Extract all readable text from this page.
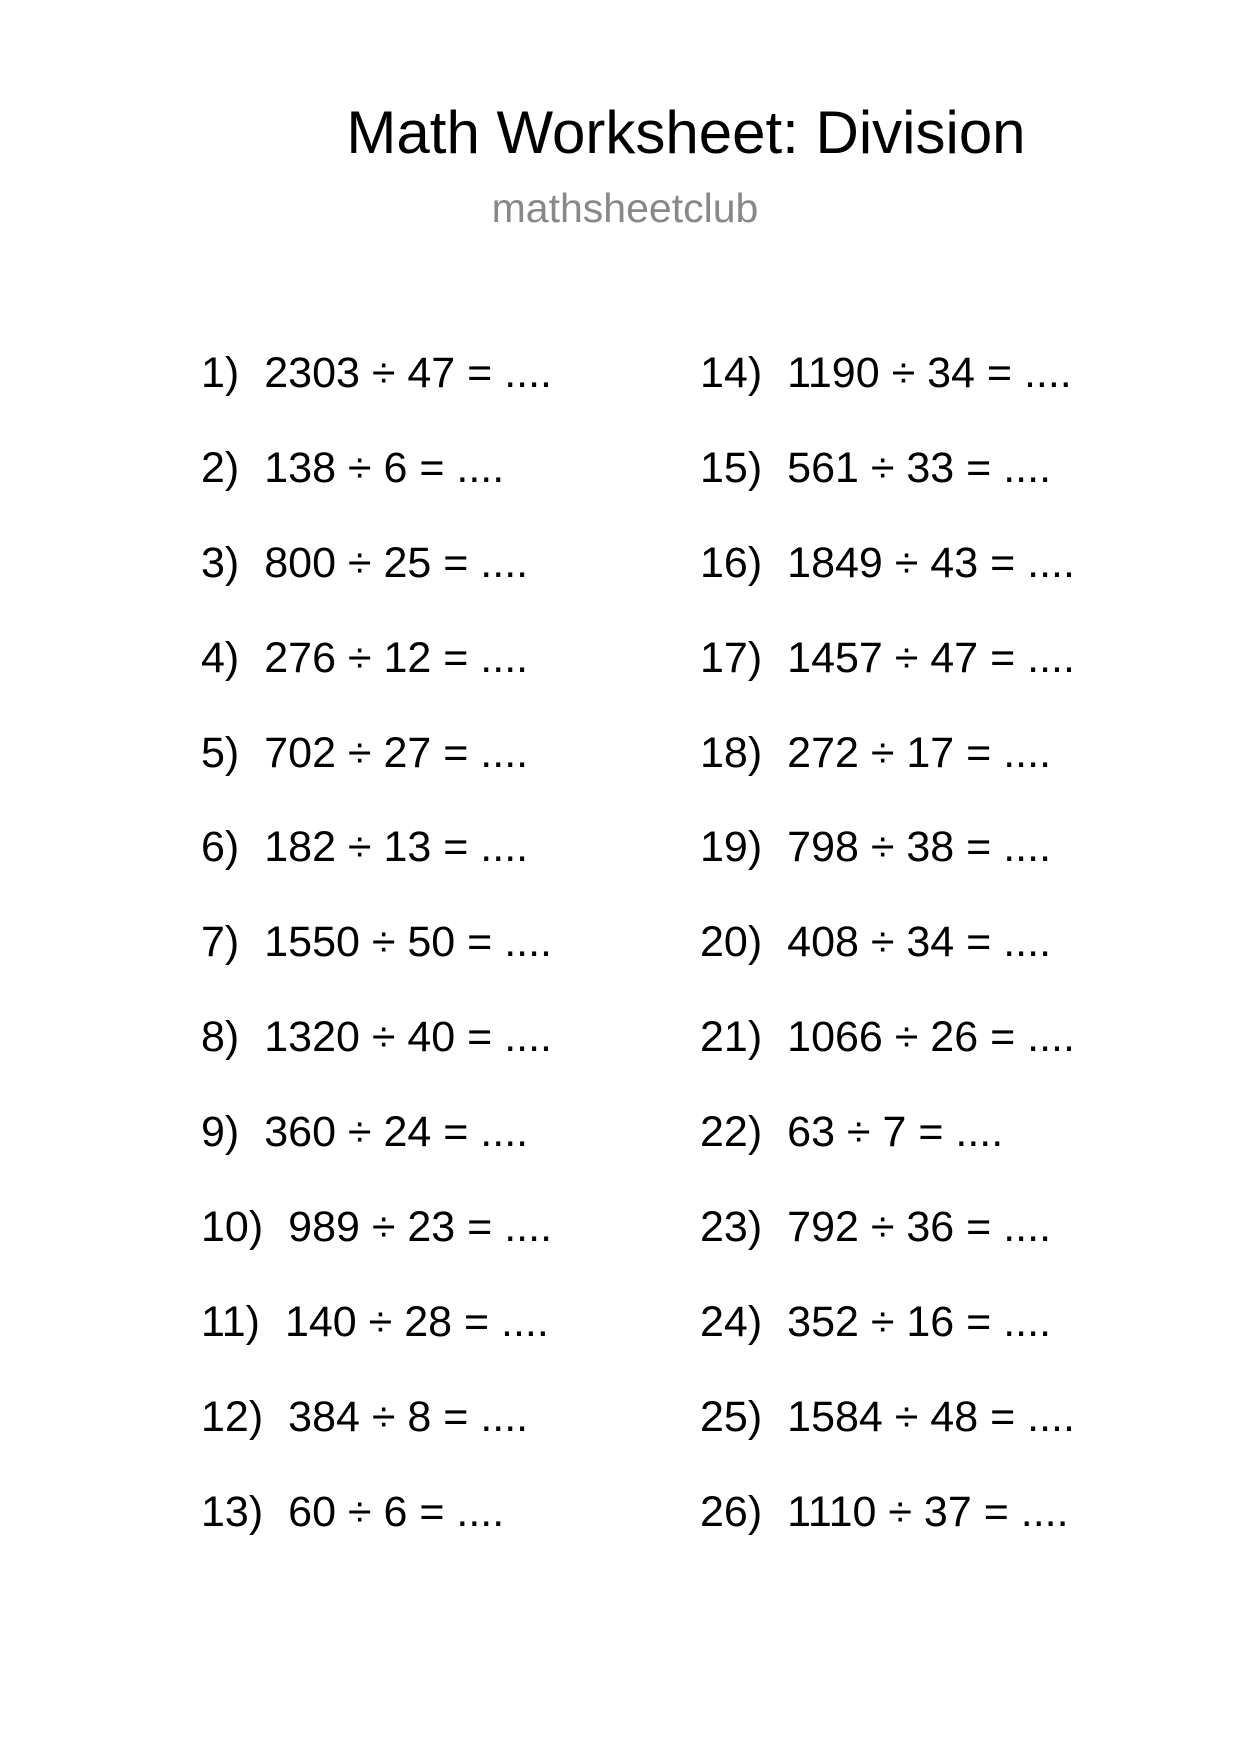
Math Worksheet: Division
mathsheetclub
1) 2303 ÷ 47 = ....
2) 138 ÷ 6 = ....
3) 800 ÷ 25 = ....
4) 276 ÷ 12 = ....
5) 702 ÷ 27 = ....
6) 182 ÷ 13 = ....
7) 1550 ÷ 50 = ....
8) 1320 ÷ 40 = ....
9) 360 ÷ 24 = ....
10) 989 ÷ 23 = ....
11) 140 ÷ 28 = ....
12) 384 ÷ 8 = ....
13) 60 ÷ 6 = ....
14) 1190 ÷ 34 = ....
15) 561 ÷ 33 = ....
16) 1849 ÷ 43 = ....
17) 1457 ÷ 47 = ....
18) 272 ÷ 17 = ....
19) 798 ÷ 38 = ....
20) 408 ÷ 34 = ....
21) 1066 ÷ 26 = ....
22) 63 ÷ 7 = ....
23) 792 ÷ 36 = ....
24) 352 ÷ 16 = ....
25) 1584 ÷ 48 = ....
26) 1110 ÷ 37 = ....
